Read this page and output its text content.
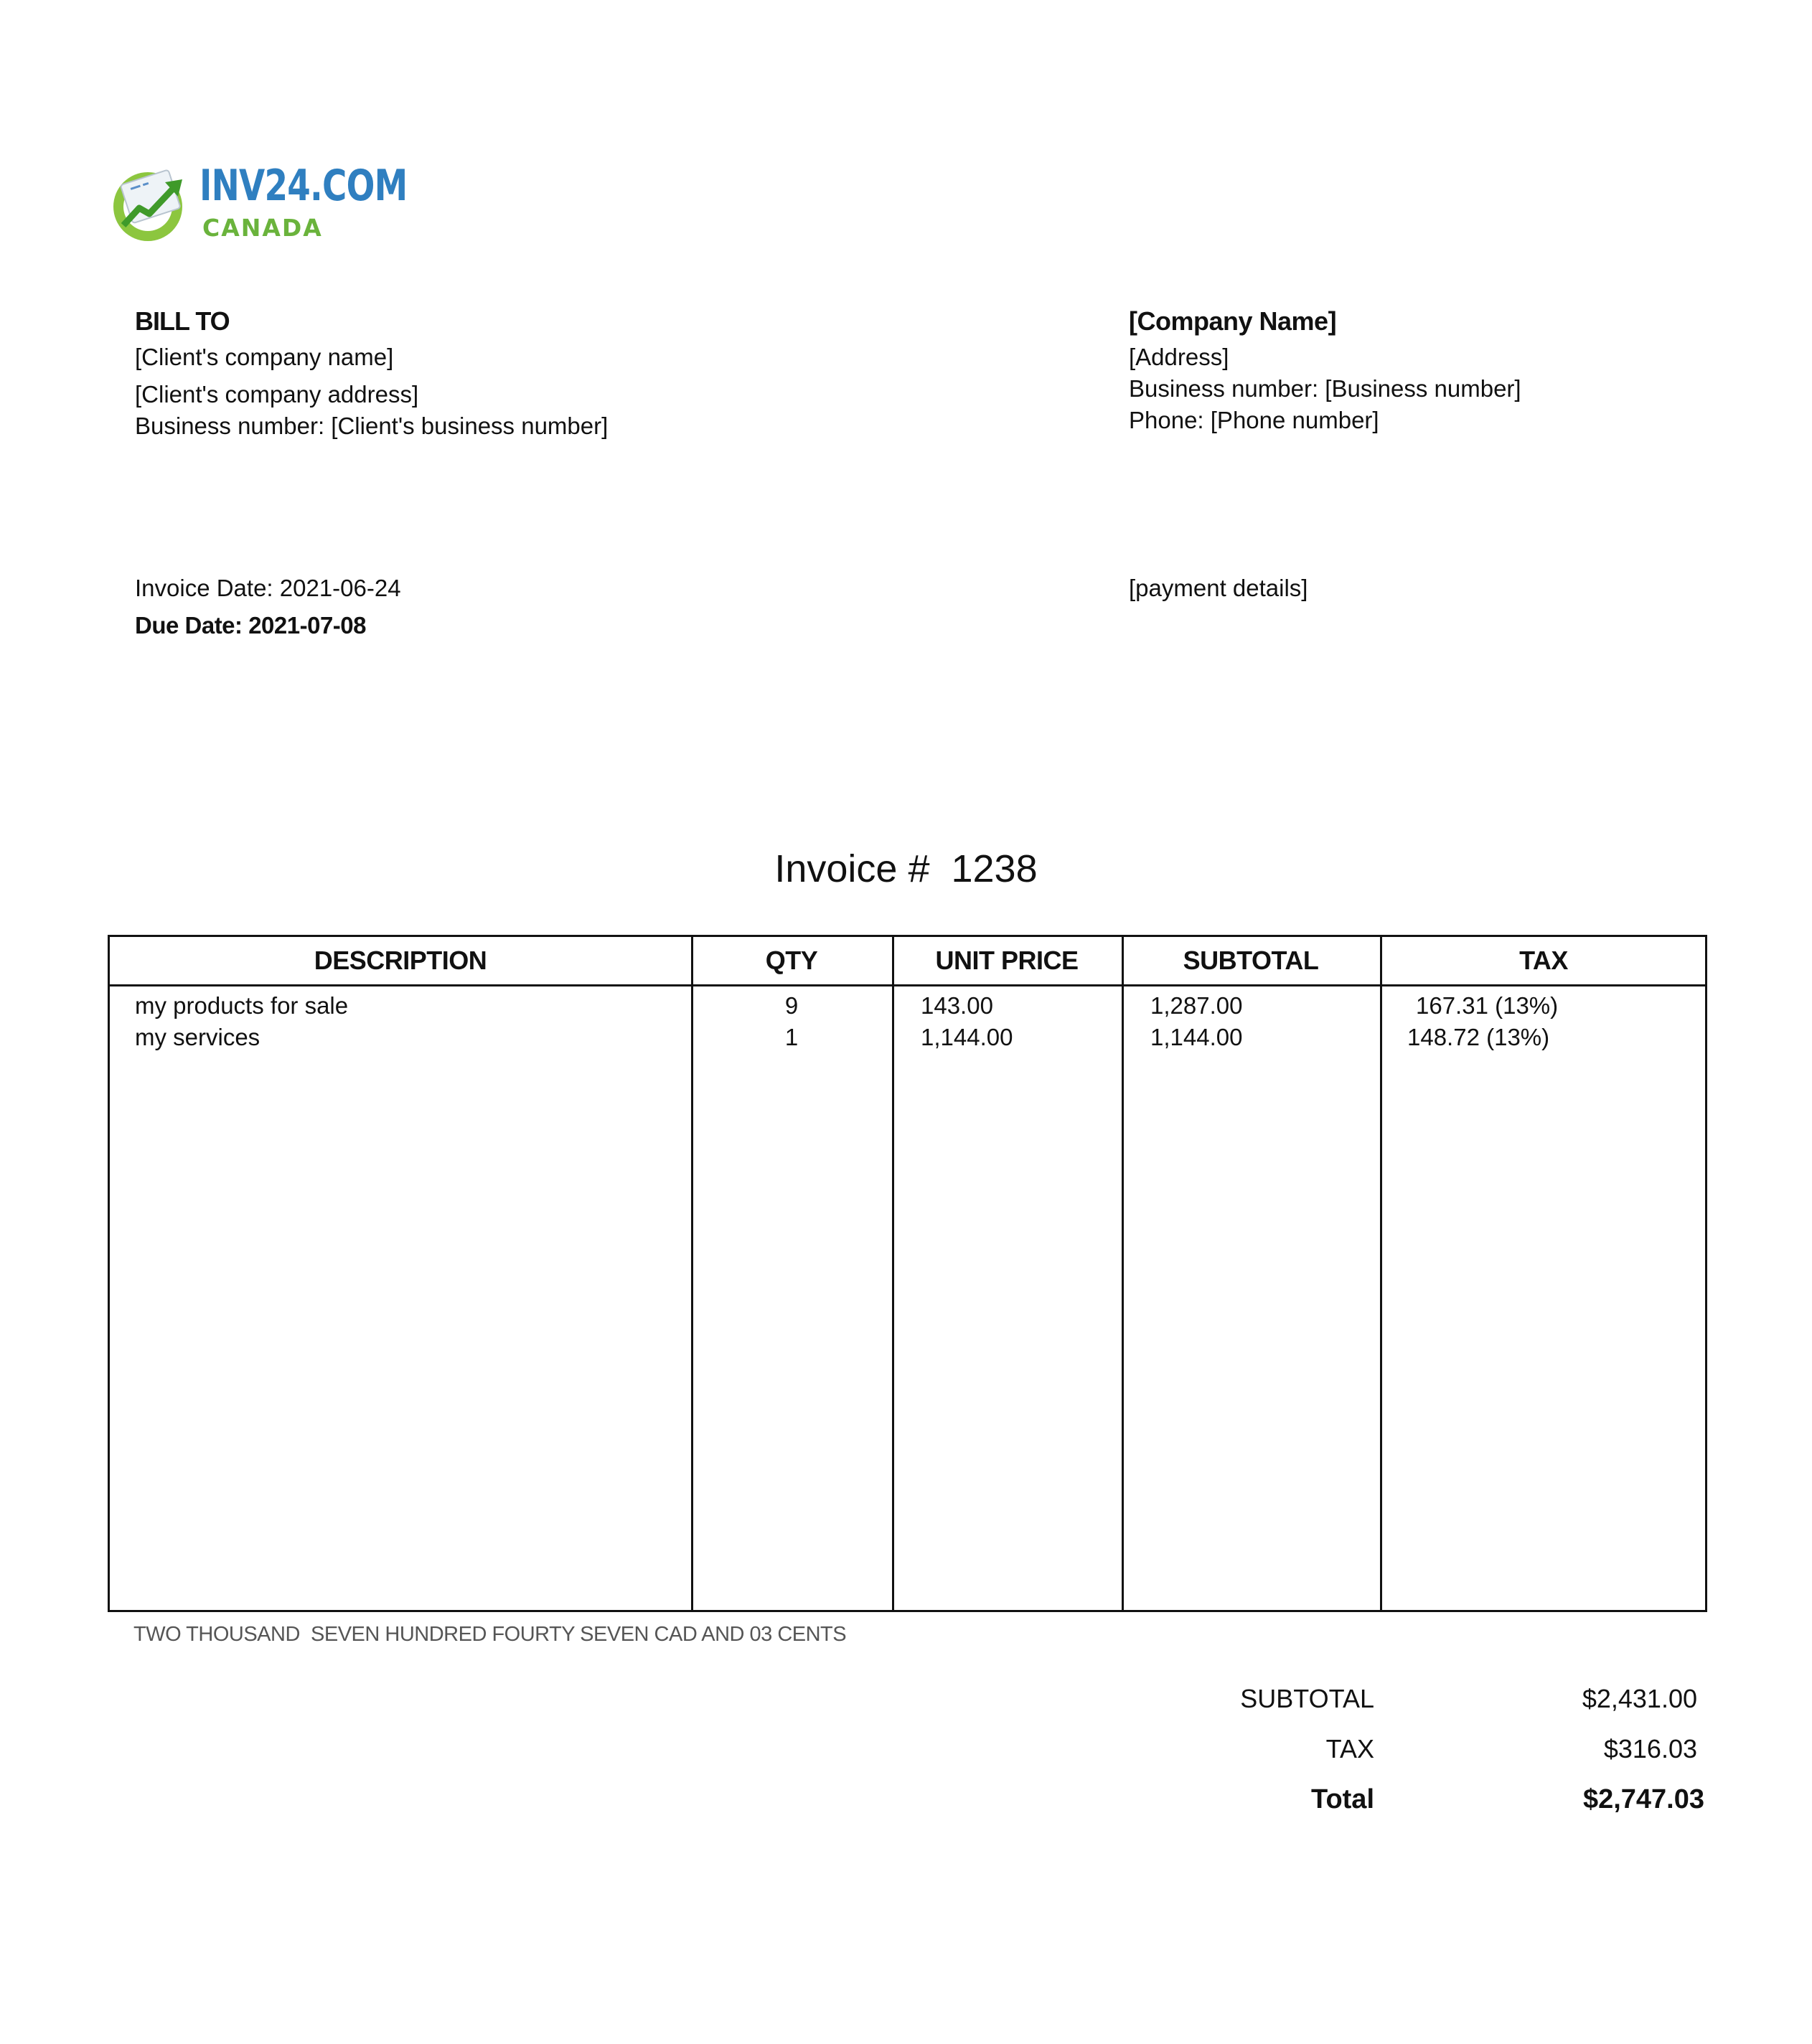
INV24.COM
CANADA
BILL TO
[Client's company name]
[Client's company address]
Business number: [Client's business number]
[Company Name]
[Address]
Business number: [Business number]
Phone: [Phone number]
Invoice Date: 2021-06-24
Due Date: 2021-07-08
[payment details]
Invoice #  1238
DESCRIPTION	QTY	UNIT PRICE	SUBTOTAL	TAX
my products for sale	9	143.00	1,287.00	167.31 (13%)
my services	1	1,144.00	1,144.00	148.72 (13%)
TWO THOUSAND  SEVEN HUNDRED FOURTY SEVEN CAD AND 03 CENTS
SUBTOTAL	$2,431.00
TAX	$316.03
Total	$2,747.03
